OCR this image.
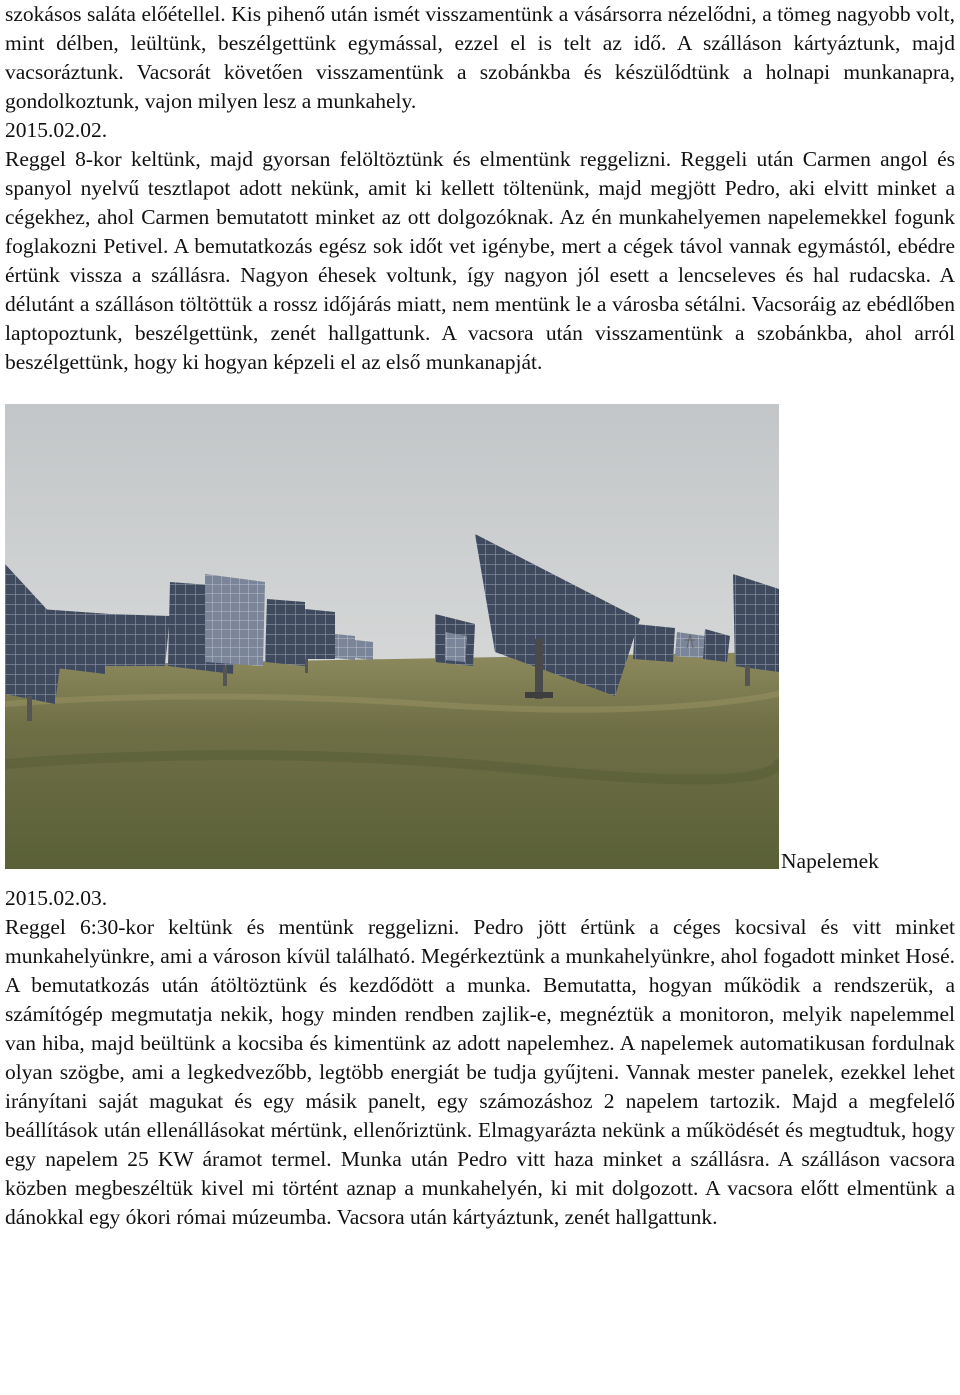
szokásos saláta előétellel. Kis pihenő után ismét visszamentünk a vásársorra nézelődni, a tömeg nagyobb volt, mint délben, leültünk, beszélgettünk egymással, ezzel el is telt az idő. A szálláson kártyáztunk, majd vacsoráztunk. Vacsorát követően visszamentünk a szobánkba és készülődtünk a holnapi munkanapra, gondolkoztunk, vajon milyen lesz a munkahely.

2015.02.02.

Reggel 8-kor keltünk, majd gyorsan felöltöztünk és elmentünk reggelizni. Reggeli után Carmen angol és spanyol nyelvű tesztlapot adott nekünk, amit ki kellett töltenünk, majd megjött Pedro, aki elvitt minket a cégekhez, ahol Carmen bemutatott minket az ott dolgozóknak. Az én munkahelyemen napelemekkel fogunk foglakozni Petivel. A bemutatkozás egész sok időt vet igénybe, mert a cégek távol vannak egymástól, ebédre értünk vissza a szállásra. Nagyon éhesek voltunk, így nagyon jól esett a lencseleves és hal rudacska. A délutánt a szálláson töltöttük a rossz időjárás miatt, nem mentünk le a városba sétálni. Vacsoráig az ebédlőben laptopoztunk, beszélgettünk, zenét hallgattunk. A vacsora után visszamentünk a szobánkba, ahol arról beszélgettünk, hogy ki hogyan képzeli el az első munkanapját.

Napelemek

2015.02.03.

Reggel 6:30-kor keltünk és mentünk reggelizni. Pedro jött értünk a céges kocsival és vitt minket munkahelyünkre, ami a városon kívül található. Megérkeztünk a munkahelyünkre, ahol fogadott minket Hosé. A bemutatkozás után átöltöztünk és kezdődött a munka. Bemutatta, hogyan működik a rendszerük, a számítógép megmutatja nekik, hogy minden rendben zajlik-e, megnéztük a monitoron, melyik napelemmel van hiba, majd beültünk a kocsiba és kimentünk az adott napelemhez. A napelemek automatikusan fordulnak olyan szögbe, ami a legkedvezőbb, legtöbb energiát be tudja gyűjteni. Vannak mester panelek, ezekkel lehet irányítani saját magukat és egy másik panelt, egy számozáshoz 2 napelem tartozik. Majd a megfelelő beállítások után ellenállásokat mértünk, ellenőriztünk. Elmagyarázta nekünk a működését és megtudtuk, hogy egy napelem 25 KW áramot termel. Munka után Pedro vitt haza minket a szállásra. A szálláson vacsora közben megbeszéltük kivel mi történt aznap a munkahelyén, ki mit dolgozott. A vacsora előtt elmentünk a dánokkal egy ókori római múzeumba. Vacsora után kártyáztunk, zenét hallgattunk.
